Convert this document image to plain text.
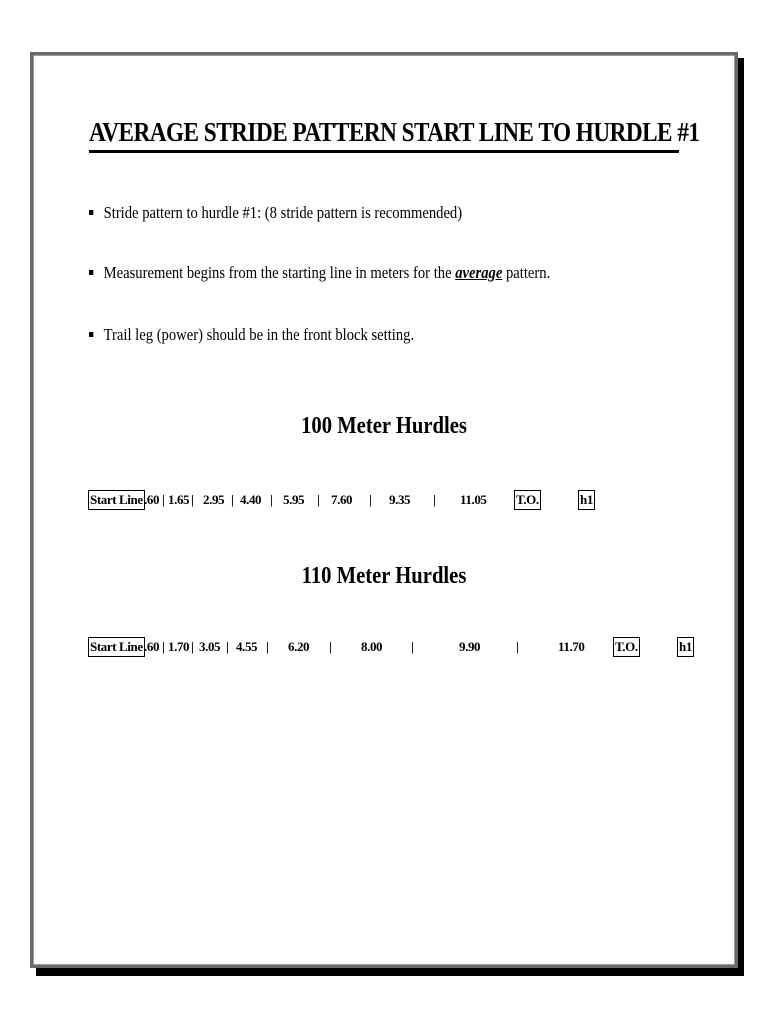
AVERAGE STRIDE PATTERN START LINE TO HURDLE #1
Stride pattern to hurdle #1: (8 stride pattern is recommended)
Measurement begins from the starting line in meters for the average pattern.
Trail leg (power) should be in the front block setting.
100 Meter Hurdles
Start Line .60 | 1.65 | 2.95 | 4.40 | 5.95 | 7.60 | 9.35 | 11.05 T.O.	h1
110 Meter Hurdles
Start Line .60 | 1.70 | 3.05 | 4.55 | 6.20 | 8.00 |	9.90	|	11.70 T.O.	h1
